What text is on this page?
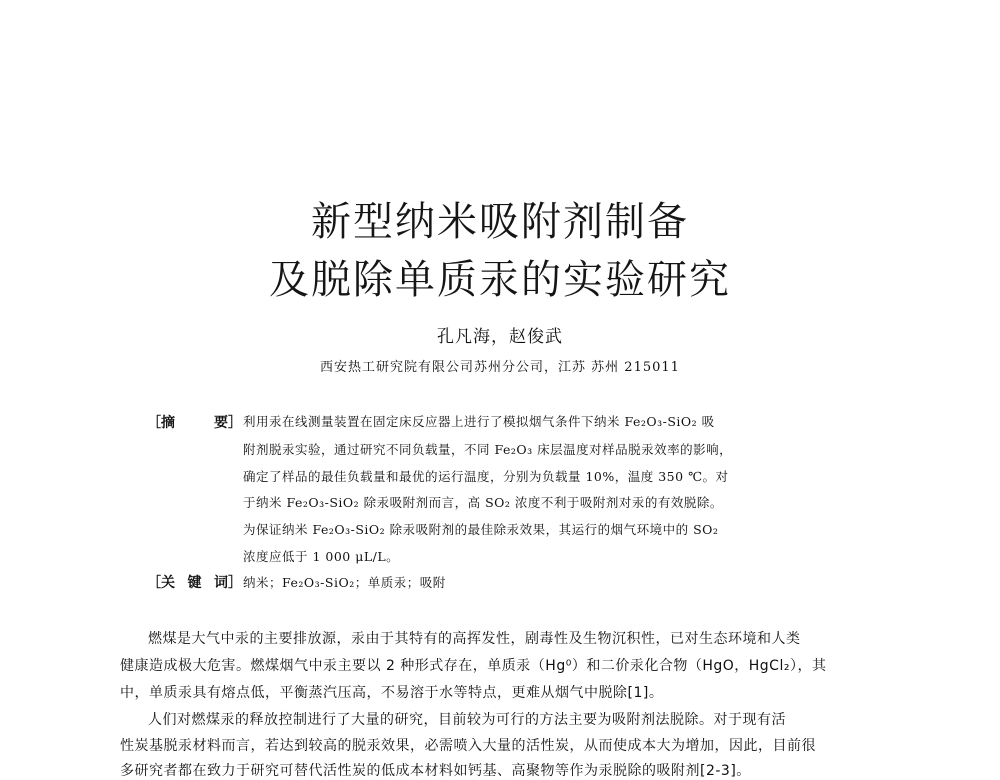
新型纳米吸附剂制备
及脱除单质汞的实验研究
孔凡海，赵俊武
西安热工研究院有限公司苏州分公司，江苏 苏州 215011
［摘	要］ 利用汞在线测量装置在固定床反应器上进行了模拟烟气条件下纳米 Fe₂O₃-SiO₂ 吸
附剂脱汞实验，通过研究不同负载量，不同 Fe₂O₃ 床层温度对样品脱汞效率的影响，
确定了样品的最佳负载量和最优的运行温度，分别为负载量 10%，温度 350 ℃。对
于纳米 Fe₂O₃-SiO₂ 除汞吸附剂而言，高 SO₂ 浓度不利于吸附剂对汞的有效脱除。
为保证纳米 Fe₂O₃-SiO₂ 除汞吸附剂的最佳除汞效果，其运行的烟气环境中的 SO₂
浓度应低于 1 000 μL/L。
［关 键 词］ 纳米；Fe₂O₃-SiO₂；单质汞；吸附
燃煤是大气中汞的主要排放源，汞由于其特有的高挥发性，剧毒性及生物沉积性，已对生态环境和人类
健康造成极大危害。燃煤烟气中汞主要以 2 种形式存在，单质汞（Hg⁰）和二价汞化合物（HgO，HgCl₂），其
中，单质汞具有熔点低，平衡蒸汽压高，不易溶于水等特点，更难从烟气中脱除[1]。
人们对燃煤汞的释放控制进行了大量的研究，目前较为可行的方法主要为吸附剂法脱除。对于现有活
性炭基脱汞材料而言，若达到较高的脱汞效果，必需喷入大量的活性炭，从而使成本大为增加，因此，目前很
多研究者都在致力于研究可替代活性炭的低成本材料如钙基、高聚物等作为汞脱除的吸附剂[2-3]。
